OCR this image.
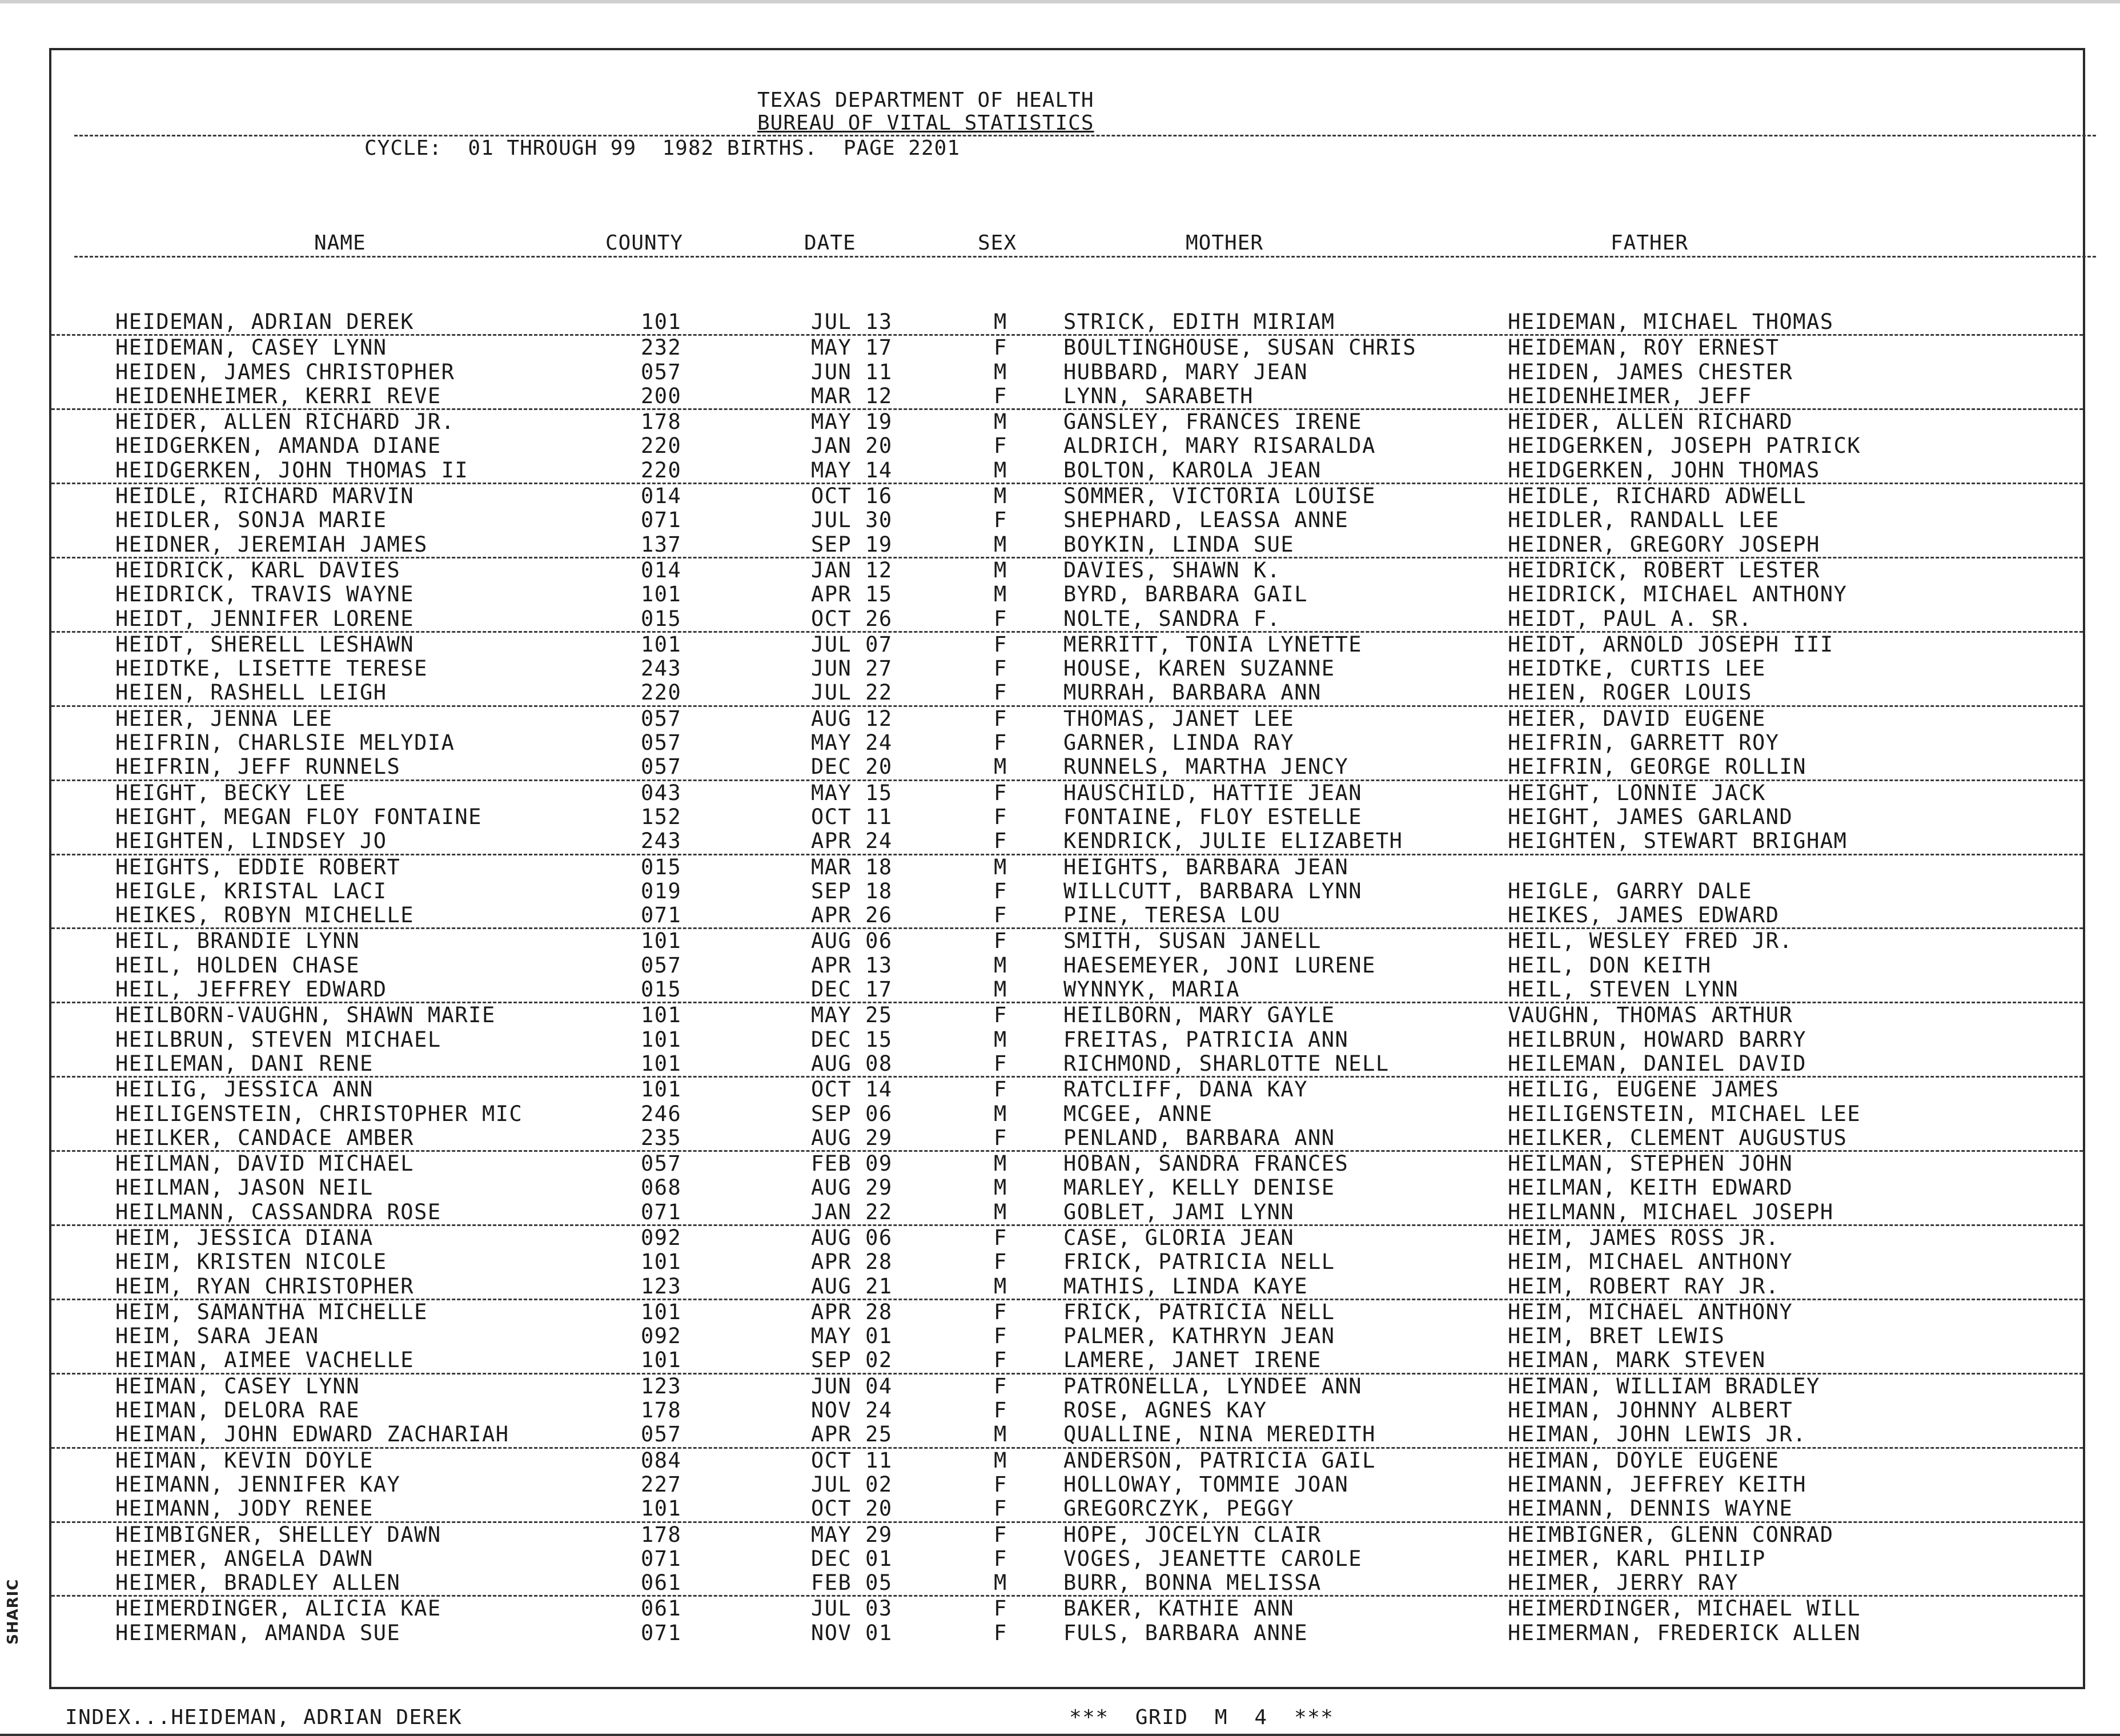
TEXAS DEPARTMENT OF HEALTH
BUREAU OF VITAL STATISTICS
CYCLE:  01 THROUGH 99  1982 BIRTHS.  PAGE 2201
NAME	COUNTY	DATE	SEX	MOTHER	FATHER
HEIDEMAN, ADRIAN DEREK	101	JUL 13	M	STRICK, EDITH MIRIAM	HEIDEMAN, MICHAEL THOMAS
HEIDEMAN, CASEY LYNN	232	MAY 17	F	BOULTINGHOUSE, SUSAN CHRIS	HEIDEMAN, ROY ERNEST
HEIDEN, JAMES CHRISTOPHER	057	JUN 11	M	HUBBARD, MARY JEAN	HEIDEN, JAMES CHESTER
HEIDENHEIMER, KERRI REVE	200	MAR 12	F	LYNN, SARABETH	HEIDENHEIMER, JEFF
HEIDER, ALLEN RICHARD JR.	178	MAY 19	M	GANSLEY, FRANCES IRENE	HEIDER, ALLEN RICHARD
HEIDGERKEN, AMANDA DIANE	220	JAN 20	F	ALDRICH, MARY RISARALDA	HEIDGERKEN, JOSEPH PATRICK
HEIDGERKEN, JOHN THOMAS II	220	MAY 14	M	BOLTON, KAROLA JEAN	HEIDGERKEN, JOHN THOMAS
HEIDLE, RICHARD MARVIN	014	OCT 16	M	SOMMER, VICTORIA LOUISE	HEIDLE, RICHARD ADWELL
HEIDLER, SONJA MARIE	071	JUL 30	F	SHEPHARD, LEASSA ANNE	HEIDLER, RANDALL LEE
HEIDNER, JEREMIAH JAMES	137	SEP 19	M	BOYKIN, LINDA SUE	HEIDNER, GREGORY JOSEPH
HEIDRICK, KARL DAVIES	014	JAN 12	M	DAVIES, SHAWN K.	HEIDRICK, ROBERT LESTER
HEIDRICK, TRAVIS WAYNE	101	APR 15	M	BYRD, BARBARA GAIL	HEIDRICK, MICHAEL ANTHONY
HEIDT, JENNIFER LORENE	015	OCT 26	F	NOLTE, SANDRA F.	HEIDT, PAUL A. SR.
HEIDT, SHERELL LESHAWN	101	JUL 07	F	MERRITT, TONIA LYNETTE	HEIDT, ARNOLD JOSEPH III
HEIDTKE, LISETTE TERESE	243	JUN 27	F	HOUSE, KAREN SUZANNE	HEIDTKE, CURTIS LEE
HEIEN, RASHELL LEIGH	220	JUL 22	F	MURRAH, BARBARA ANN	HEIEN, ROGER LOUIS
HEIER, JENNA LEE	057	AUG 12	F	THOMAS, JANET LEE	HEIER, DAVID EUGENE
HEIFRIN, CHARLSIE MELYDIA	057	MAY 24	F	GARNER, LINDA RAY	HEIFRIN, GARRETT ROY
HEIFRIN, JEFF RUNNELS	057	DEC 20	M	RUNNELS, MARTHA JENCY	HEIFRIN, GEORGE ROLLIN
HEIGHT, BECKY LEE	043	MAY 15	F	HAUSCHILD, HATTIE JEAN	HEIGHT, LONNIE JACK
HEIGHT, MEGAN FLOY FONTAINE	152	OCT 11	F	FONTAINE, FLOY ESTELLE	HEIGHT, JAMES GARLAND
HEIGHTEN, LINDSEY JO	243	APR 24	F	KENDRICK, JULIE ELIZABETH	HEIGHTEN, STEWART BRIGHAM
HEIGHTS, EDDIE ROBERT	015	MAR 18	M	HEIGHTS, BARBARA JEAN
HEIGLE, KRISTAL LACI	019	SEP 18	F	WILLCUTT, BARBARA LYNN	HEIGLE, GARRY DALE
HEIKES, ROBYN MICHELLE	071	APR 26	F	PINE, TERESA LOU	HEIKES, JAMES EDWARD
HEIL, BRANDIE LYNN	101	AUG 06	F	SMITH, SUSAN JANELL	HEIL, WESLEY FRED JR.
HEIL, HOLDEN CHASE	057	APR 13	M	HAESEMEYER, JONI LURENE	HEIL, DON KEITH
HEIL, JEFFREY EDWARD	015	DEC 17	M	WYNNYK, MARIA	HEIL, STEVEN LYNN
HEILBORN-VAUGHN, SHAWN MARIE	101	MAY 25	F	HEILBORN, MARY GAYLE	VAUGHN, THOMAS ARTHUR
HEILBRUN, STEVEN MICHAEL	101	DEC 15	M	FREITAS, PATRICIA ANN	HEILBRUN, HOWARD BARRY
HEILEMAN, DANI RENE	101	AUG 08	F	RICHMOND, SHARLOTTE NELL	HEILEMAN, DANIEL DAVID
HEILIG, JESSICA ANN	101	OCT 14	F	RATCLIFF, DANA KAY	HEILIG, EUGENE JAMES
HEILIGENSTEIN, CHRISTOPHER MIC	246	SEP 06	M	MCGEE, ANNE	HEILIGENSTEIN, MICHAEL LEE
HEILKER, CANDACE AMBER	235	AUG 29	F	PENLAND, BARBARA ANN	HEILKER, CLEMENT AUGUSTUS
HEILMAN, DAVID MICHAEL	057	FEB 09	M	HOBAN, SANDRA FRANCES	HEILMAN, STEPHEN JOHN
HEILMAN, JASON NEIL	068	AUG 29	M	MARLEY, KELLY DENISE	HEILMAN, KEITH EDWARD
HEILMANN, CASSANDRA ROSE	071	JAN 22	M	GOBLET, JAMI LYNN	HEILMANN, MICHAEL JOSEPH
HEIM, JESSICA DIANA	092	AUG 06	F	CASE, GLORIA JEAN	HEIM, JAMES ROSS JR.
HEIM, KRISTEN NICOLE	101	APR 28	F	FRICK, PATRICIA NELL	HEIM, MICHAEL ANTHONY
HEIM, RYAN CHRISTOPHER	123	AUG 21	M	MATHIS, LINDA KAYE	HEIM, ROBERT RAY JR.
HEIM, SAMANTHA MICHELLE	101	APR 28	F	FRICK, PATRICIA NELL	HEIM, MICHAEL ANTHONY
HEIM, SARA JEAN	092	MAY 01	F	PALMER, KATHRYN JEAN	HEIM, BRET LEWIS
HEIMAN, AIMEE VACHELLE	101	SEP 02	F	LAMERE, JANET IRENE	HEIMAN, MARK STEVEN
HEIMAN, CASEY LYNN	123	JUN 04	F	PATRONELLA, LYNDEE ANN	HEIMAN, WILLIAM BRADLEY
HEIMAN, DELORA RAE	178	NOV 24	F	ROSE, AGNES KAY	HEIMAN, JOHNNY ALBERT
HEIMAN, JOHN EDWARD ZACHARIAH	057	APR 25	M	QUALLINE, NINA MEREDITH	HEIMAN, JOHN LEWIS JR.
HEIMAN, KEVIN DOYLE	084	OCT 11	M	ANDERSON, PATRICIA GAIL	HEIMAN, DOYLE EUGENE
HEIMANN, JENNIFER KAY	227	JUL 02	F	HOLLOWAY, TOMMIE JOAN	HEIMANN, JEFFREY KEITH
HEIMANN, JODY RENEE	101	OCT 20	F	GREGORCZYK, PEGGY	HEIMANN, DENNIS WAYNE
HEIMBIGNER, SHELLEY DAWN	178	MAY 29	F	HOPE, JOCELYN CLAIR	HEIMBIGNER, GLENN CONRAD
HEIMER, ANGELA DAWN	071	DEC 01	F	VOGES, JEANETTE CAROLE	HEIMER, KARL PHILIP
HEIMER, BRADLEY ALLEN	061	FEB 05	M	BURR, BONNA MELISSA	HEIMER, JERRY RAY
HEIMERDINGER, ALICIA KAE	061	JUL 03	F	BAKER, KATHIE ANN	HEIMERDINGER, MICHAEL WILL
HEIMERMAN, AMANDA SUE	071	NOV 01	F	FULS, BARBARA ANNE	HEIMERMAN, FREDERICK ALLEN
INDEX...HEIDEMAN, ADRIAN DEREK	***  GRID  M  4  ***
SHARIC
